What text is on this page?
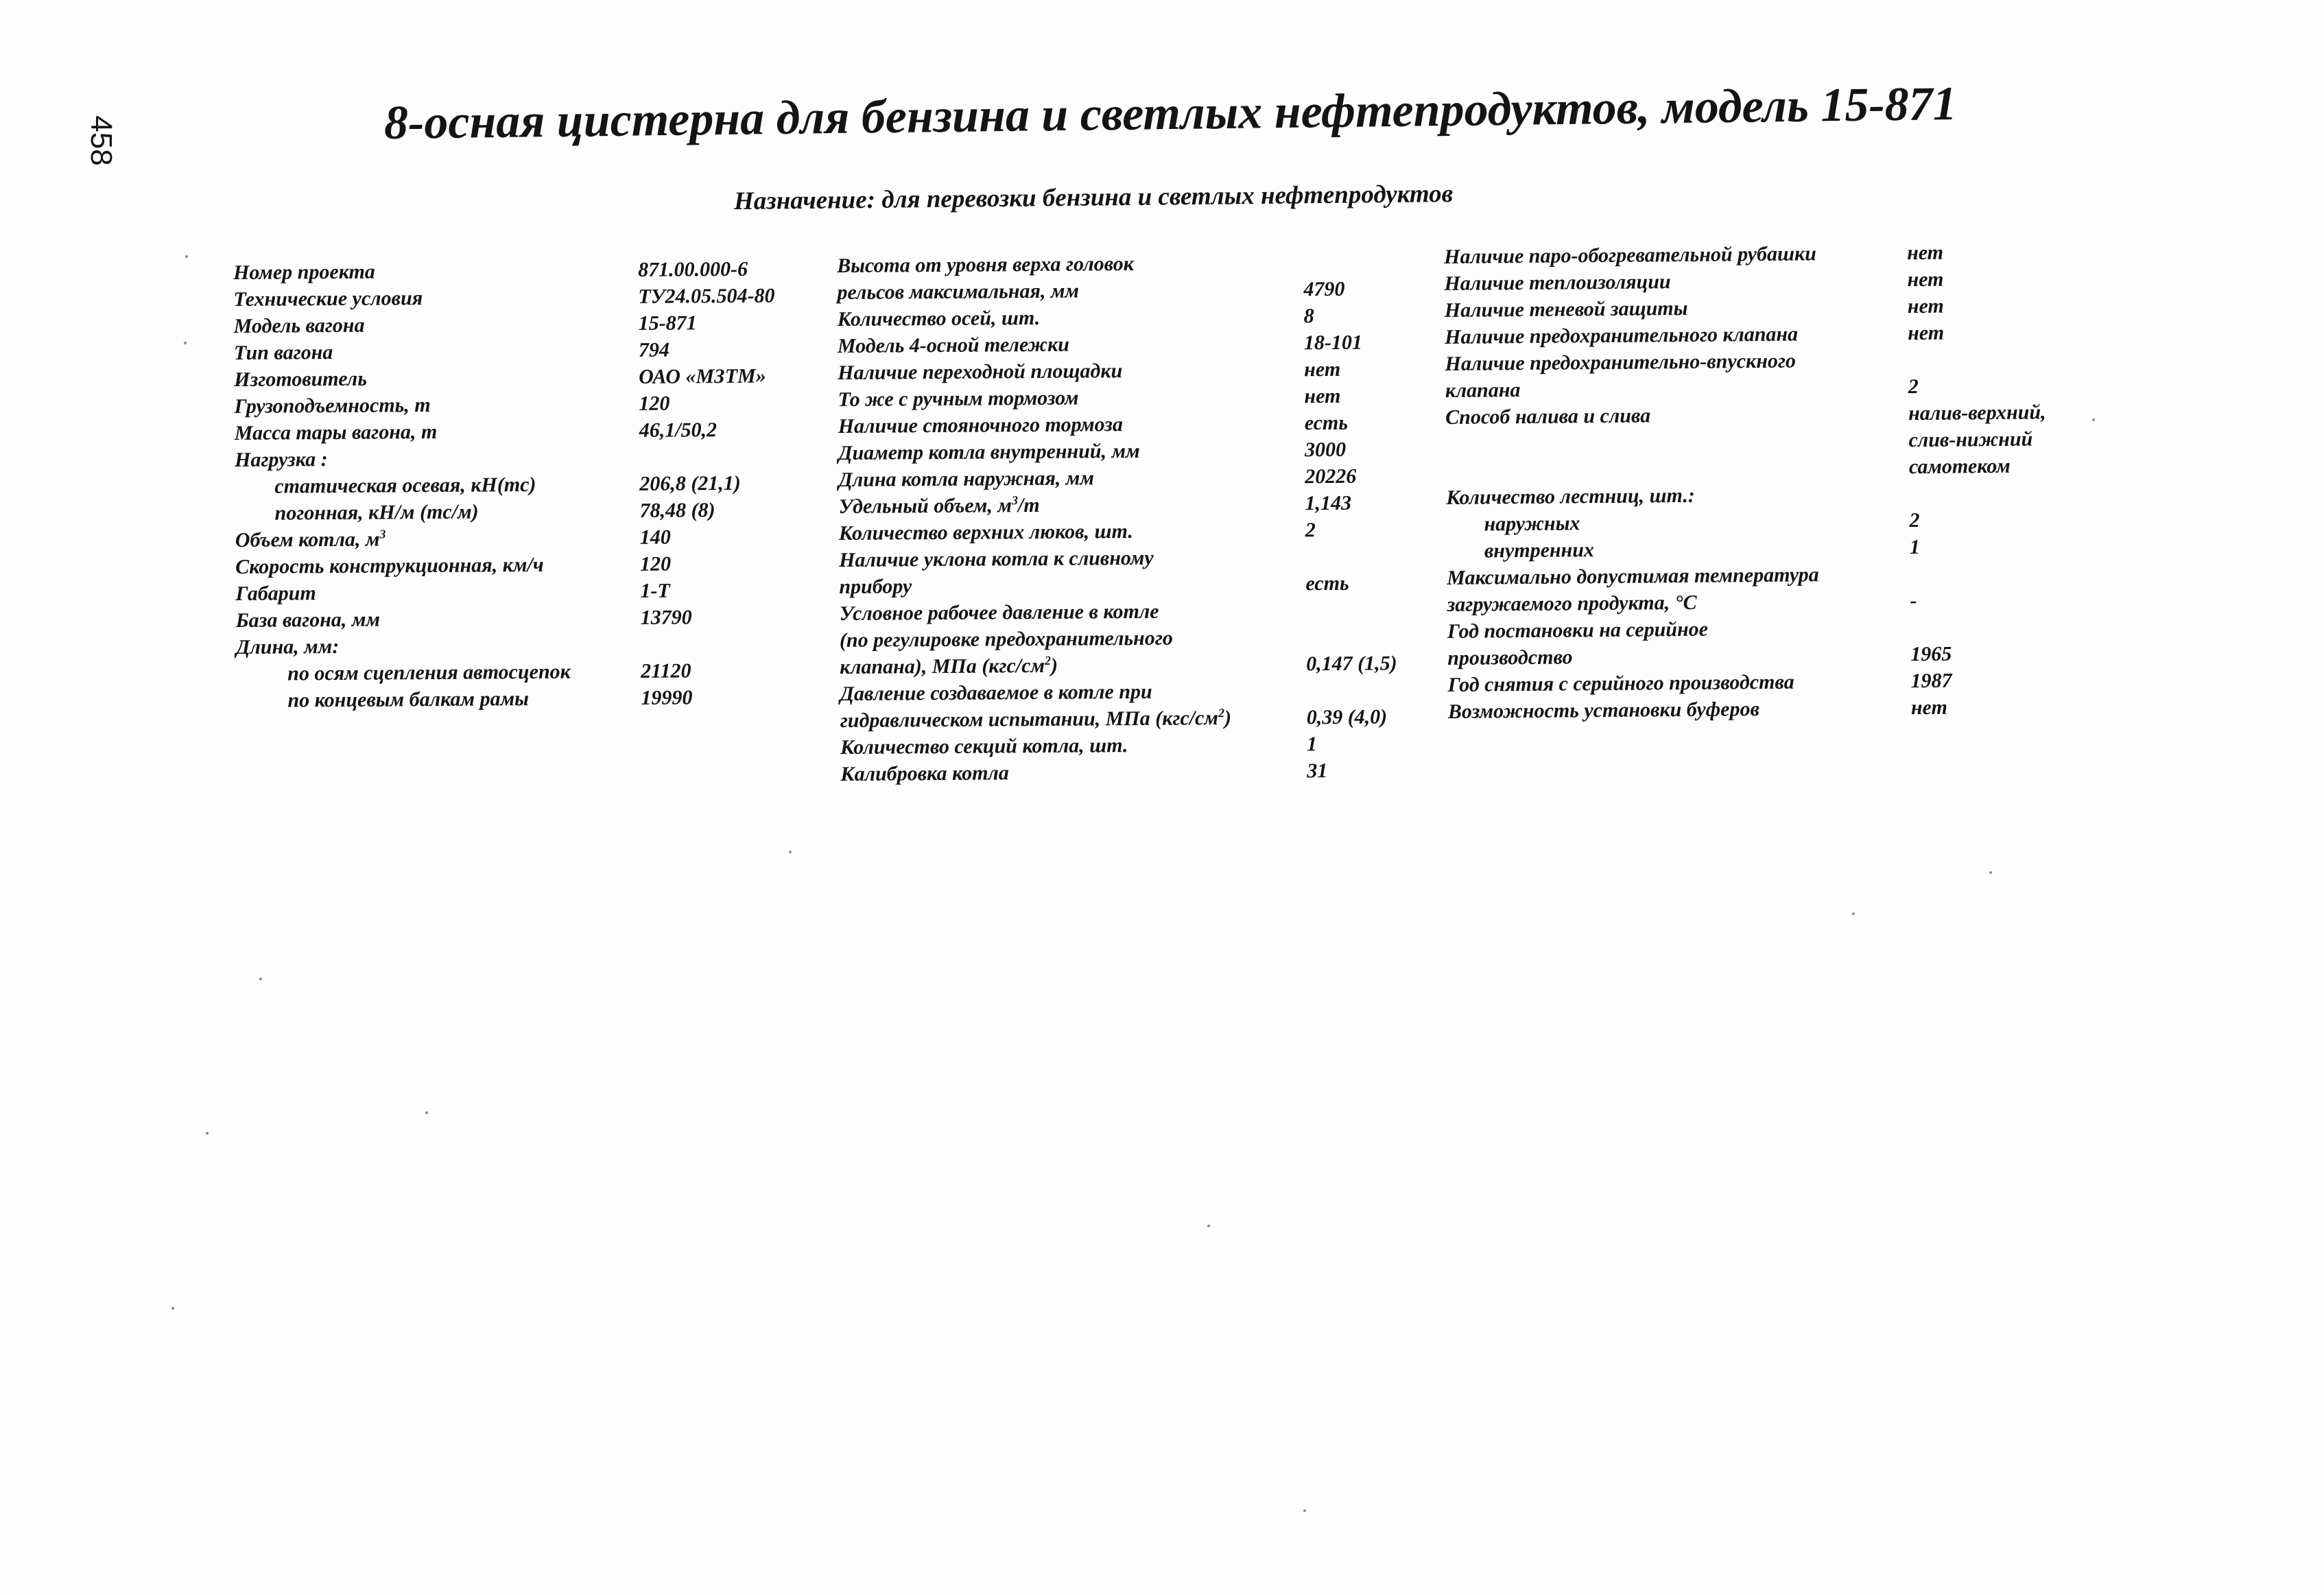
458	8-осная цистерна для бензина и светлых нефтепродуктов, модель 15-871
Назначение: для перевозки бензина и светлых нефтепродуктов
Номер проекта	871.00.000-6
Технические условия	ТУ24.05.504-80
Модель вагона	15-871
Тип вагона	794
Изготовитель	ОАО «МЗТМ»
Грузоподъемность, т	120
Масса тары вагона, т	46,1/50,2
Нагрузка :
статическая осевая, кН(тс)	206,8 (21,1)
погонная, кН/м (тс/м)	78,48 (8)
Объем котла, $м^3$	140
Скорость конструкционная, км/ч	120
Габарит	1-Т
База вагона, мм	13790
Длина, мм:
по осям сцепления автосцепок	21120
по концевым балкам рамы	19990
Высота от уровня верха головок
рельсов максимальная, мм	4790
Количество осей, шт.	8
Модель 4-осной тележки	18-101
Наличие переходной площадки	нет
То же с ручным тормозом	нет
Наличие стояночного тормоза	есть
Диаметр котла внутренний, мм	3000
Длина котла наружная, мм	20226
Удельный объем, $м^3/т$	1,143
Количество верхних люков, шт.	2
Наличие уклона котла к сливному
прибору	есть
Условное рабочее давление в котле
(по регулировке предохранительного
клапана), МПа $(кгс/см^2)$	0,147 (1,5)
Давление создаваемое в котле при
гидравлическом испытании, МПа $(кгс/см^2)$	0,39 (4,0)
Количество секций котла, шт.	1
Калибровка котла	31
Наличие паро-обогревательной рубашки	нет
Наличие теплоизоляции	нет
Наличие теневой защиты	нет
Наличие предохранительного клапана	нет
Наличие предохранительно-впускного
клапана	2
Способ налива и слива	налив-верхний,
слив-нижний
самотеком
Количество лестниц, шт.:
наружных	2
внутренних	1
Максимально допустимая температура
загружаемого продукта, °С	-
Год постановки на серийное
производство	1965
Год снятия с серийного производства	1987
Возможность установки буферов	нет
